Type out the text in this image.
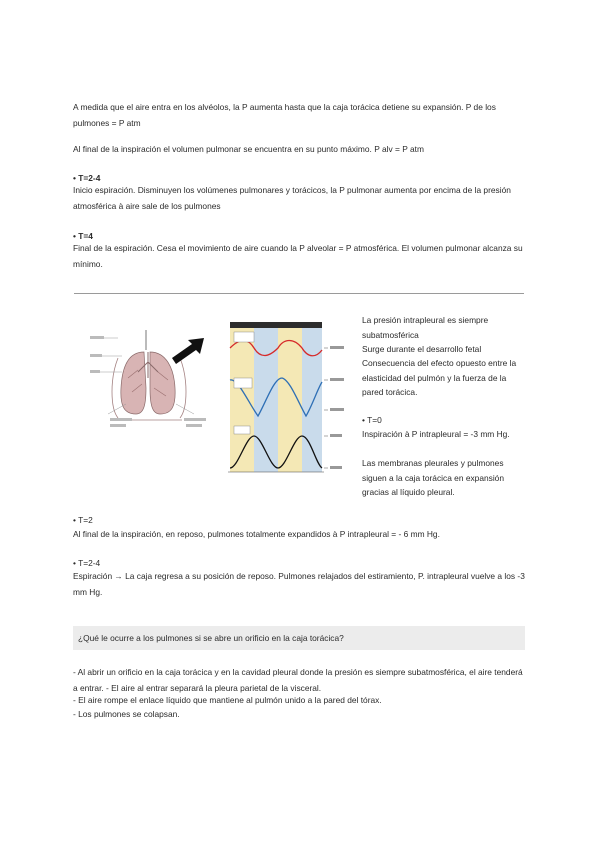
A medida que el aire entra en los alvéolos, la P aumenta hasta que la caja torácica detiene su expansión. P de los pulmones = P atm

Al final de la inspiración el volumen pulmonar se encuentra en su punto máximo. P alv = P atm

• T=2-4

Inicio espiración. Disminuyen los volúmenes pulmonares y torácicos, la P pulmonar aumenta por encima de la presión atmosférica à aire sale de los pulmones

• T=4

Final de la espiración. Cesa el movimiento de aire cuando la P alveolar = P atmosférica. El volumen pulmonar alcanza su mínimo.

La presión intrapleural es siempre subatmosférica

Surge durante el desarrollo fetal

Consecuencia del efecto opuesto entre la elasticidad del pulmón y la fuerza de la pared torácica.

• T=0

Inspiración à P intrapleural = -3 mm Hg.

Las membranas pleurales y pulmones siguen a la caja torácica en expansión gracias al líquido pleural.

• T=2

Al final de la inspiración, en reposo, pulmones totalmente expandidos à P intrapleural = - 6 mm Hg.

• T=2-4

Espiración → La caja regresa a su posición de reposo. Pulmones relajados del estiramiento, P. intrapleural vuelve a los -3 mm Hg.

¿Qué le ocurre a los pulmones si se abre un orificio en la caja torácica?

- Al abrir un orificio en la caja torácica y en la cavidad pleural donde la presión es siempre subatmosférica, el aire tenderá a entrar. - El aire al entrar separará la pleura parietal de la visceral.

- El aire rompe el enlace líquido que mantiene al pulmón unido a la pared del tórax.

- Los pulmones se colapsan.
